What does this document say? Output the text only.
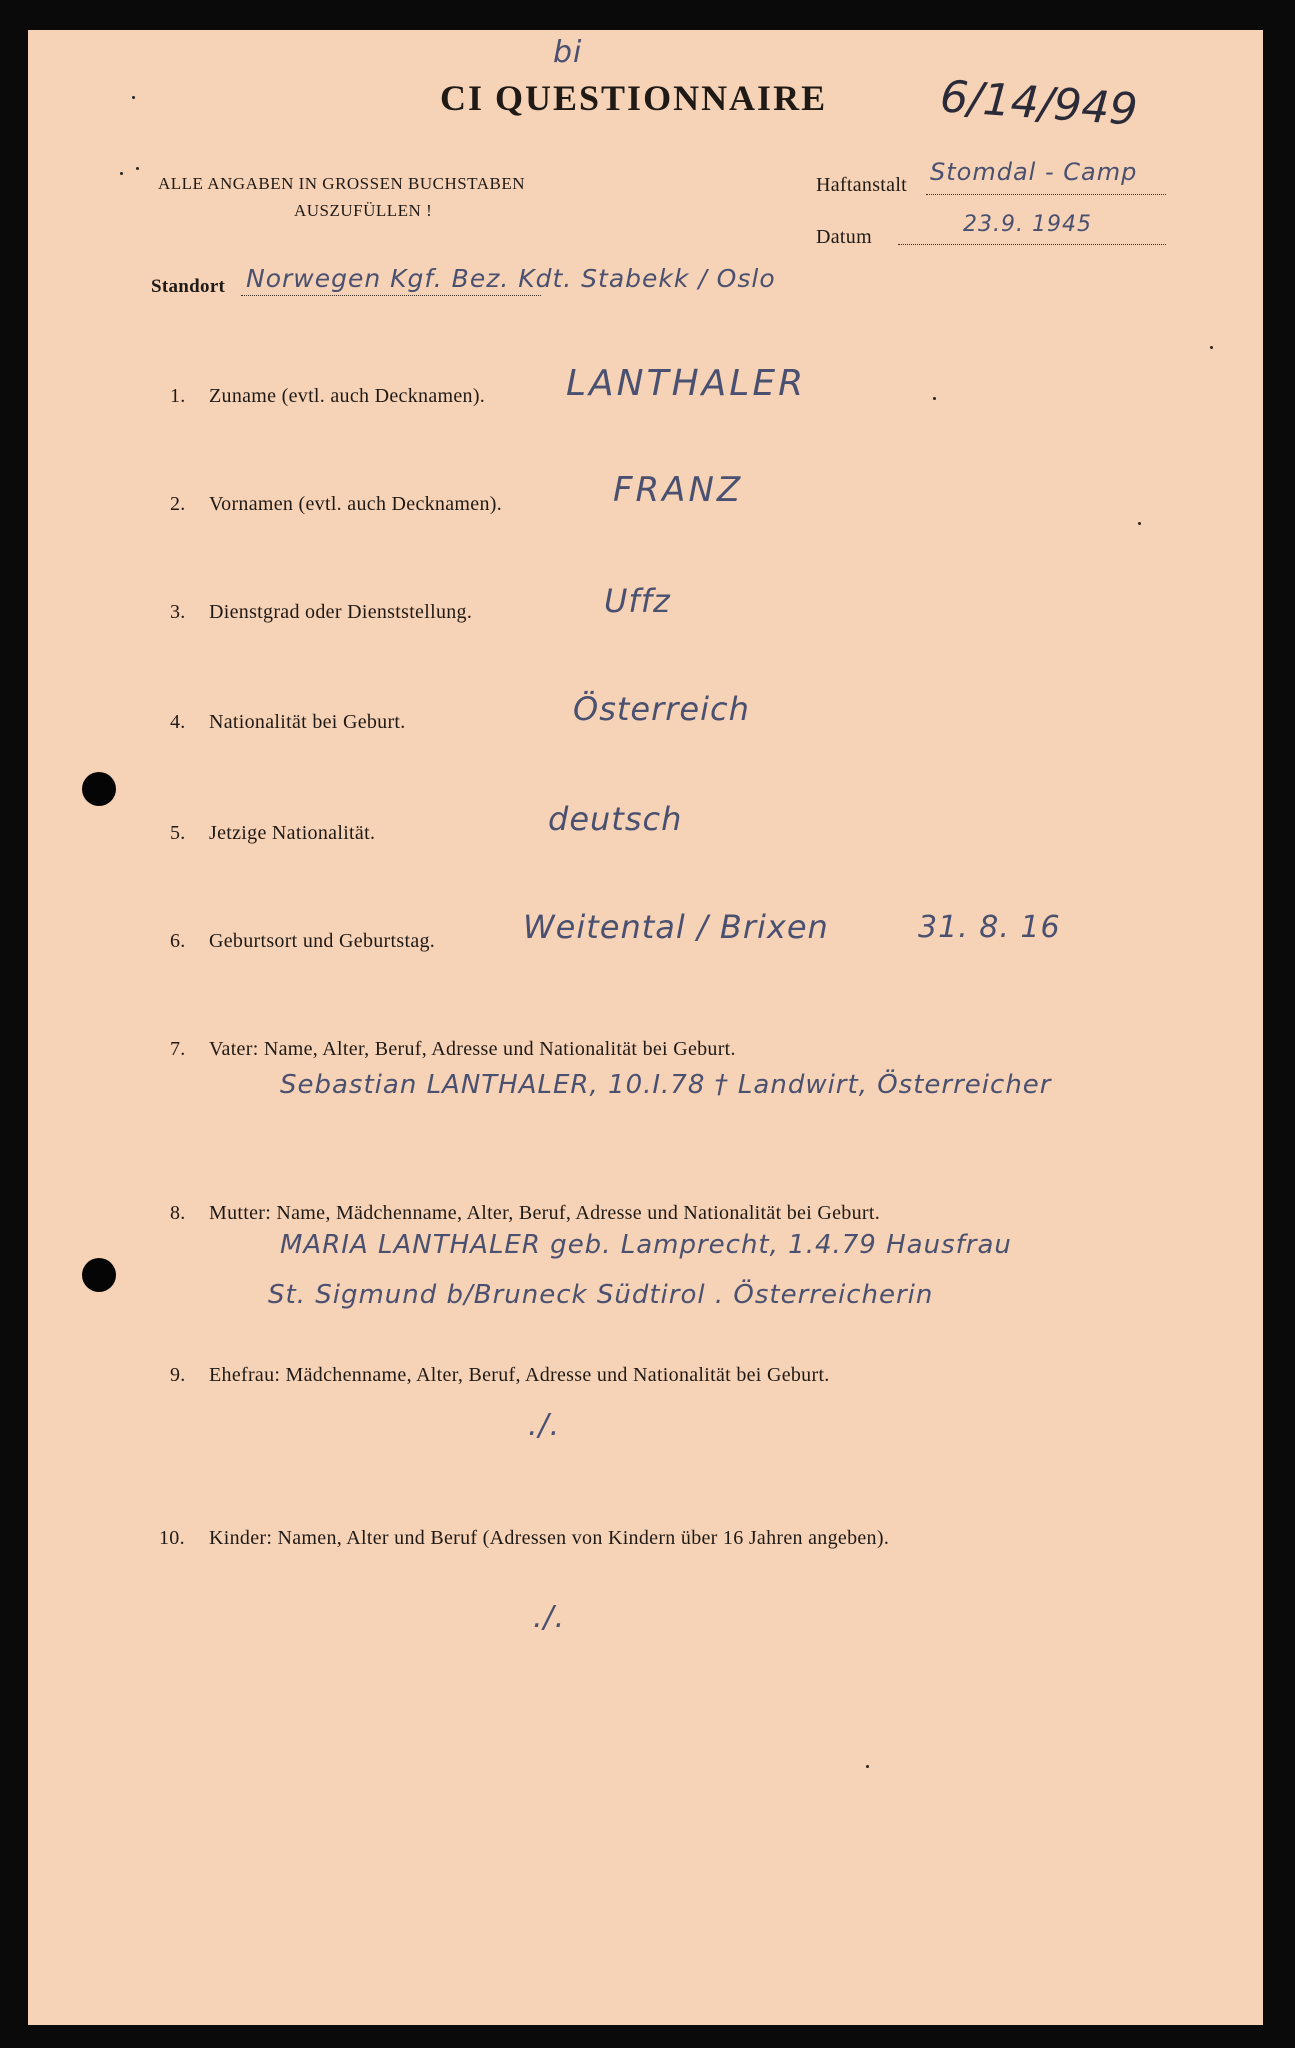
CI QUESTIONNAIRE
bi
6/14/949
ALLE ANGABEN IN GROSSEN BUCHSTABEN
AUSZUFÜLLEN !
Haftanstalt Stomdal - Camp
Datum	23.9. 1945
Standort Norwegen Kgf. Bez. Kdt. Stabekk / Oslo
1. Zuname (evtl. auch Decknamen). LANTHALER
2. Vornamen (evtl. auch Decknamen).	FRANZ
3. Dienstgrad oder Dienststellung.	Uffz
4. Nationalität bei Geburt.	Österreich
5. Jetzige Nationalität.	deutsch
6. Geburtsort und Geburtstag.	Weitental / Brixen	31. 8. 16
7. Vater: Name, Alter, Beruf, Adresse und Nationalität bei Geburt.
Sebastian LANTHALER, 10.I.78 † Landwirt, Österreicher
8. Mutter: Name, Mädchenname, Alter, Beruf, Adresse und Nationalität bei Geburt.
MARIA LANTHALER geb. Lamprecht, 1.4.79 Hausfrau
St. Sigmund b/Bruneck Südtirol . Österreicherin
9. Ehefrau: Mädchenname, Alter, Beruf, Adresse und Nationalität bei Geburt.
./.
10. Kinder: Namen, Alter und Beruf (Adressen von Kindern über 16 Jahren angeben).
./.
